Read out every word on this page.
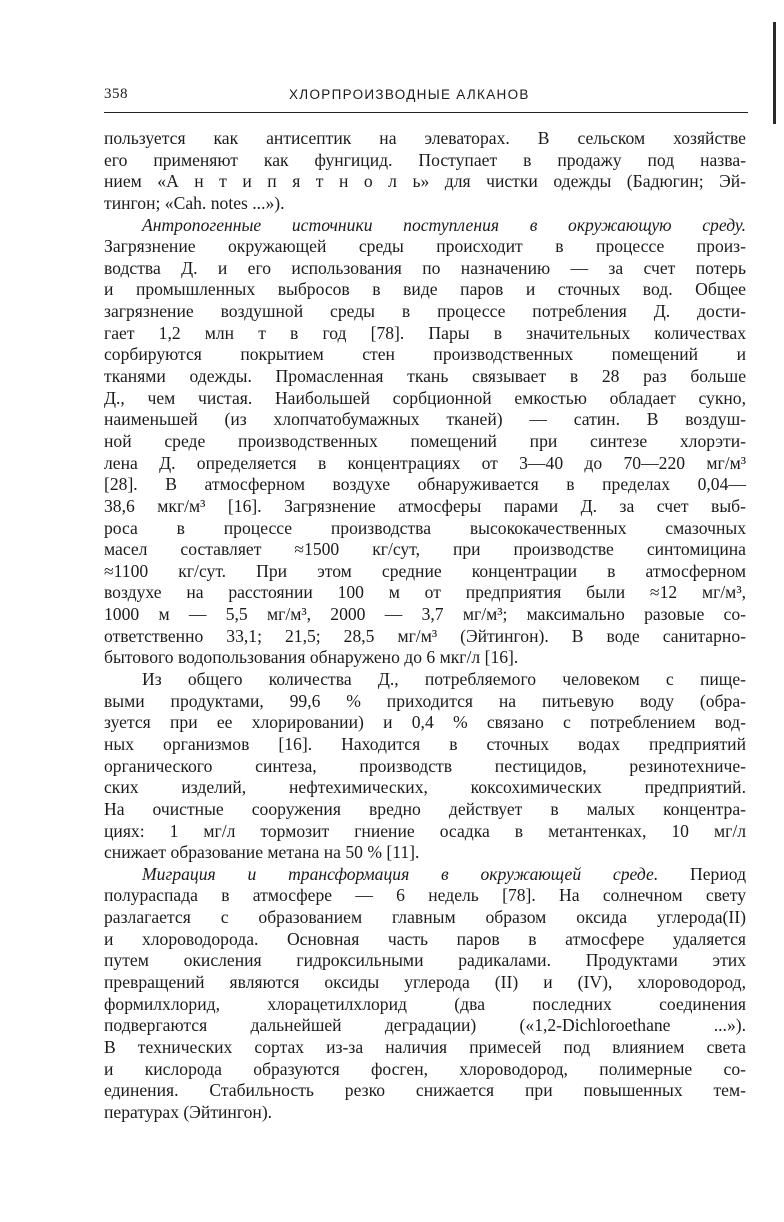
358	ХЛОРПРОИЗВОДНЫЕ АЛКАНОВ
пользуется как антисептик на элеваторах. В сельском хозяйстве
его применяют как фунгицид. Поступает в продажу под назва-
нием «А н т и п я т н о л ь» для чистки одежды (Бадюгин; Эй-
тингон; «Cah. notes ...»).
Антропогенные источники поступления в окружающую среду.
Загрязнение окружающей среды происходит в процессе произ-
водства Д. и его использования по назначению — за счет потерь
и промышленных выбросов в виде паров и сточных вод. Общее
загрязнение воздушной среды в процессе потребления Д. дости-
гает 1,2 млн т в год [78]. Пары в значительных количествах
сорбируются покрытием стен производственных помещений и
тканями одежды. Промасленная ткань связывает в 28 раз больше
Д., чем чистая. Наибольшей сорбционной емкостью обладает сукно,
наименьшей (из хлопчатобумажных тканей) — сатин. В воздуш-
ной среде производственных помещений при синтезе хлорэти-
лена Д. определяется в концентрациях от 3—40 до 70—220 мг/м³
[28]. В атмосферном воздухе обнаруживается в пределах 0,04—
38,6 мкг/м³ [16]. Загрязнение атмосферы парами Д. за счет выб-
роса в процессе производства высококачественных смазочных
масел составляет ≈1500 кг/сут, при производстве синтомицина
≈1100 кг/сут. При этом средние концентрации в атмосферном
воздухе на расстоянии 100 м от предприятия были ≈12 мг/м³,
1000 м — 5,5 мг/м³, 2000 — 3,7 мг/м³; максимально разовые со-
ответственно 33,1; 21,5; 28,5 мг/м³ (Эйтингон). В воде санитарно-
бытового водопользования обнаружено до 6 мкг/л [16].
Из общего количества Д., потребляемого человеком с пище-
выми продуктами, 99,6 % приходится на питьевую воду (обра-
зуется при ее хлорировании) и 0,4 % связано с потреблением вод-
ных организмов [16]. Находится в сточных водах предприятий
органического синтеза, производств пестицидов, резинотехниче-
ских изделий, нефтехимических, коксохимических предприятий.
На очистные сооружения вредно действует в малых концентра-
циях: 1 мг/л тормозит гниение осадка в метантенках, 10 мг/л
снижает образование метана на 50 % [11].
Миграция и трансформация в окружающей среде. Период
полураспада в атмосфере — 6 недель [78]. На солнечном свету
разлагается с образованием главным образом оксида углерода(II)
и хлороводорода. Основная часть паров в атмосфере удаляется
путем окисления гидроксильными радикалами. Продуктами этих
превращений являются оксиды углерода (II) и (IV), хлороводород,
формилхлорид, хлорацетилхлорид (два последних соединения
подвергаются дальнейшей деградации) («1,2-Dichloroethane ...»).
В технических сортах из-за наличия примесей под влиянием света
и кислорода образуются фосген, хлороводород, полимерные со-
единения. Стабильность резко снижается при повышенных тем-
пературах (Эйтингон).
